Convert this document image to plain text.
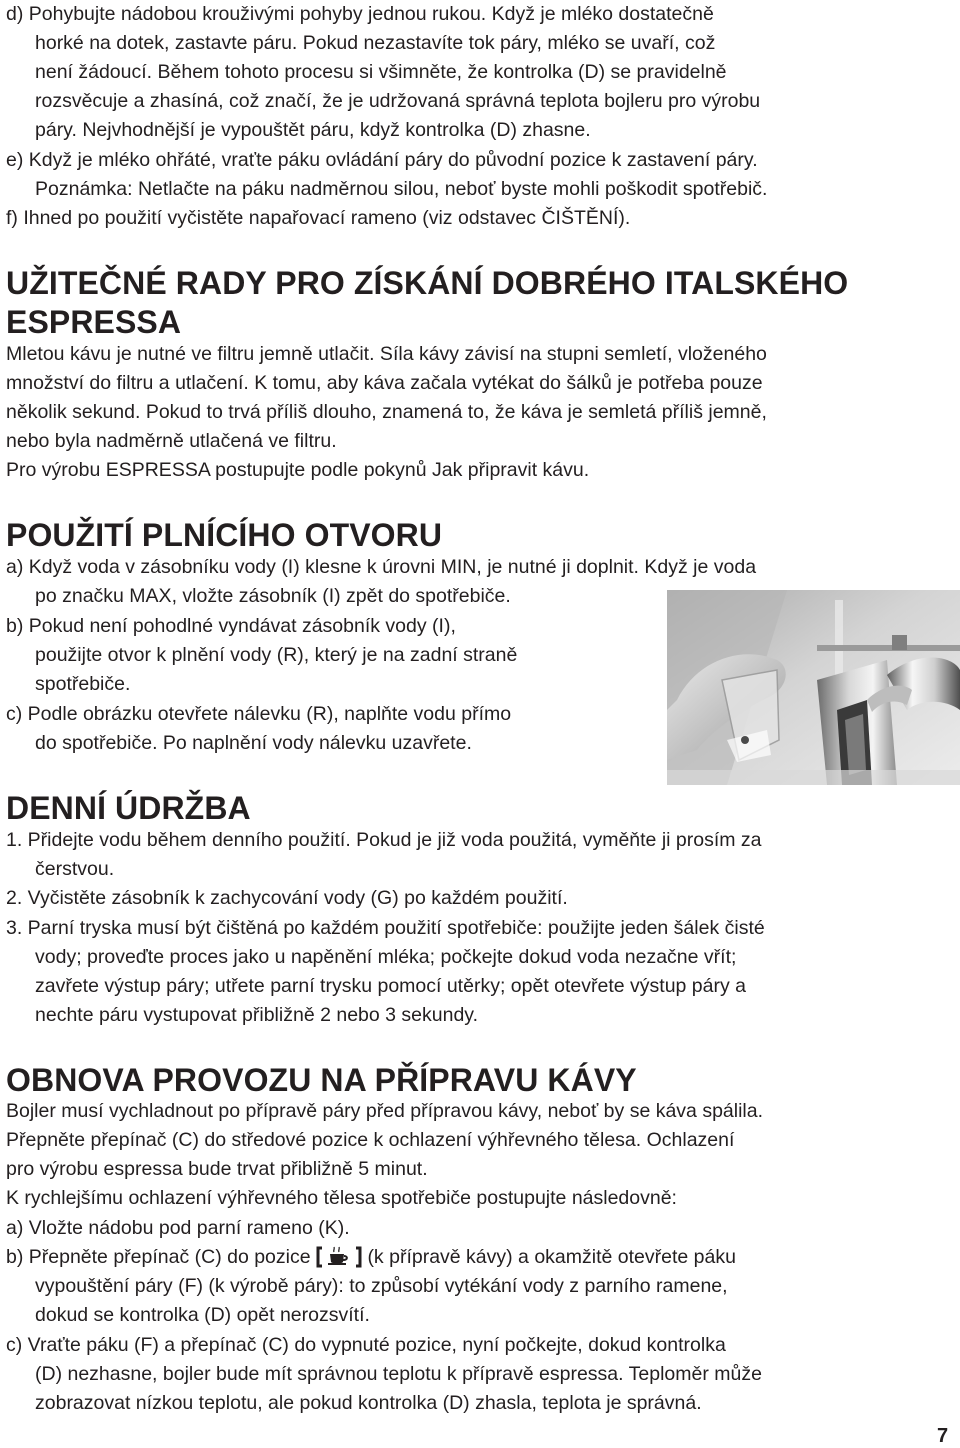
d) Pohybujte nádobou krouživými pohyby jednou rukou. Když je mléko dostatečně

horké na dotek, zastavte páru. Pokud nezastavíte tok páry, mléko se uvaří, což

není žádoucí. Během tohoto procesu si všimněte, že kontrolka (D) se pravidelně

rozsvěcuje a zhasíná, což značí, že je udržovaná správná teplota bojleru pro výrobu

páry. Nejvhodnější je vypouštět páru, když kontrolka (D) zhasne.

e) Když je mléko ohřáté, vraťte páku ovládání páry do původní pozice k zastavení páry.

Poznámka: Netlačte na páku nadměrnou silou, neboť byste mohli poškodit spotřebič.

f) Ihned po použití vyčistěte napařovací rameno (viz odstavec ČIŠTĚNÍ).

UŽITEČNÉ RADY PRO ZÍSKÁNÍ DOBRÉHO ITALSKÉHO
ESPRESSA

Mletou kávu je nutné ve filtru jemně utlačit. Síla kávy závisí na stupni semletí, vloženého

množství do filtru a utlačení. K tomu, aby káva začala vytékat do šálků je potřeba pouze

několik sekund. Pokud to trvá příliš dlouho, znamená to, že káva je semletá příliš jemně,

nebo byla nadměrně utlačená ve filtru.

Pro výrobu ESPRESSA postupujte podle pokynů Jak připravit kávu.

POUŽITÍ PLNÍCÍHO OTVORU

a) Když voda v zásobníku vody (I) klesne k úrovni MIN, je nutné ji doplnit. Když je voda

po značku MAX, vložte zásobník (I) zpět do spotřebiče.

b) Pokud není pohodlné vyndávat zásobník vody (I),

použijte otvor k plnění vody (R), který je na zadní straně

spotřebiče.

c) Podle obrázku otevřete nálevku (R), naplňte vodu přímo

do spotřebiče. Po naplnění vody nálevku uzavřete.

DENNÍ ÚDRŽBA

1. Přidejte vodu během denního použití. Pokud je již voda použitá, vyměňte ji prosím za

čerstvou.

2. Vyčistěte zásobník k zachycování vody (G) po každém použití.

3. Parní tryska musí být čištěná po každém použití spotřebiče: použijte jeden šálek čisté

vody; proveďte proces jako u napěnění mléka; počkejte dokud voda nezačne vřít;

zavřete výstup páry; utřete parní trysku pomocí utěrky; opět otevřete výstup páry a

nechte páru vystupovat přibližně 2 nebo 3 sekundy.

OBNOVA PROVOZU NA PŘÍPRAVU KÁVY

Bojler musí vychladnout po přípravě páry před přípravou kávy, neboť by se káva spálila.

Přepněte přepínač (C) do středové pozice k ochlazení výhřevného tělesa. Ochlazení

pro výrobu espressa bude trvat přibližně 5 minut.

K rychlejšímu ochlazení výhřevného tělesa spotřebiče postupujte následovně:

a) Vložte nádobu pod parní rameno (K).

b) Přepněte přepínač (C) do pozice	(k přípravě kávy) a okamžitě otevřete páku

vypouštění páry (F) (k výrobě páry): to způsobí vytékání vody z parního ramene,

dokud se kontrolka (D) opět nerozsvítí.

c) Vraťte páku (F) a přepínač (C) do vypnuté pozice, nyní počkejte, dokud kontrolka

(D) nezhasne, bojler bude mít správnou teplotu k přípravě espressa. Teploměr může

zobrazovat nízkou teplotu, ale pokud kontrolka (D) zhasla, teplota je správná.

7
